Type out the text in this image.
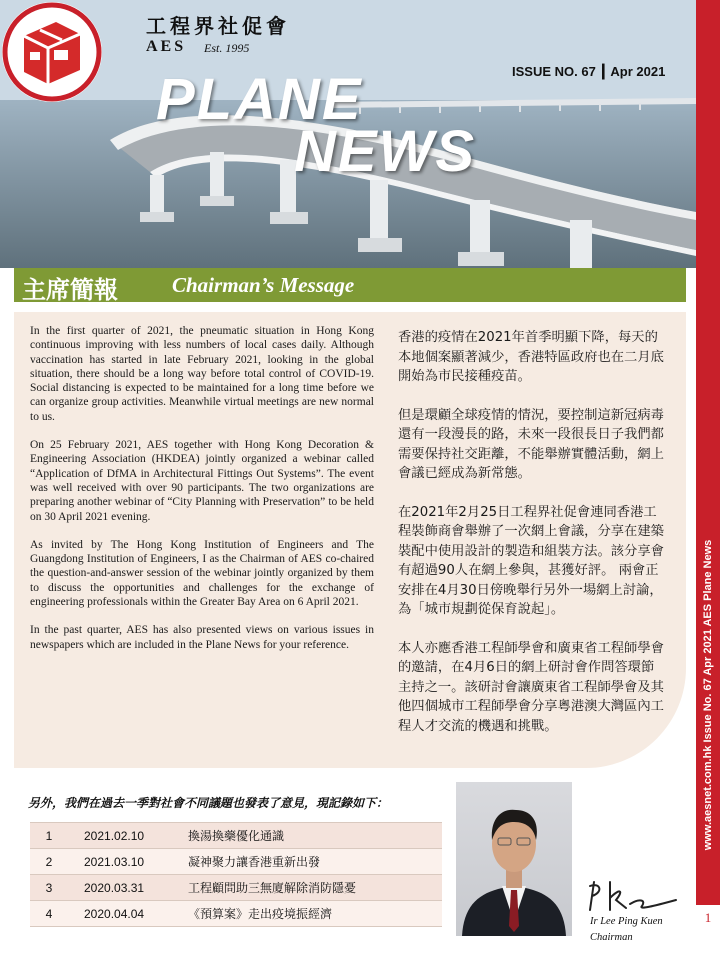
www.aesnet.com.hk Issue No. 67 Apr 2021 AES Plane News
1
工程界社促會
AES Est. 1995
ISSUE NO. 67 ┃ Apr 2021
PLANE
NEWS
主席簡報	Chairman’s Message

In the first quarter of 2021, the pneumatic situation in Hong Kong continuous improving with less numbers of local cases daily. Although vaccination has started in late February 2021, looking in the global situation, there should be a long way before total control of COVID-19. Social distancing is expected to be maintained for a long time before we can organize group activities. Meanwhile virtual meetings are new normal to us.

On 25 February 2021, AES together with Hong Kong Decoration & Engineering Association (HKDEA) jointly organized a webinar called “Application of DfMA in Architectural Fittings Out Systems”. The event was well received with over 90 participants. The two organizations are preparing another webinar of “City Planning with Preservation” to be held on 30 April 2021 evening.

As invited by The Hong Kong Institution of Engineers and The Guangdong Institution of Engineers, I as the Chairman of AES co-chaired the question-and-answer session of the webinar jointly organized by them to discuss the opportunities and challenges for the exchange of engineering professionals within the Greater Bay Area on 6 April 2021.

In the past quarter, AES has also presented views on various issues in newspapers which are included in the Plane News for your reference.

香港的疫情在2021年首季明顯下降，每天的本地個案顯著減少，香港特區政府也在二月底開始為市民接種疫苗。

但是環顧全球疫情的情況，要控制這新冠病毒還有一段漫長的路，未來一段很長日子我們都需要保持社交距離，不能舉辦實體活動，網上會議已經成為新常態。

在2021年2月25日工程界社促會連同香港工程裝飾商會舉辦了一次網上會議，分享在建築裝配中使用設計的製造和組裝方法。該分享會有超過90人在網上參與，甚獲好評。 兩會正安排在4月30日傍晚舉行另外一場網上討論，為「城市規劃從保育說起」。

本人亦應香港工程師學會和廣東省工程師學會的邀請，在4月6日的網上研討會作問答環節主持之一。該研討會讓廣東省工程師學會及其他四個城市工程師學會分享粵港澳大灣區內工程人才交流的機遇和挑戰。

另外，我們在過去一季對社會不同議題也發表了意見，現記錄如下：
1	2021.02.10	換湯換藥優化通識
2	2021.03.10	凝神聚力讓香港重新出發
3	2020.03.31	工程顧問助三無廈解除消防隱憂
4	2020.04.04	《預算案》走出疫境振經濟
Ir Lee Ping Kuen
Chairman
